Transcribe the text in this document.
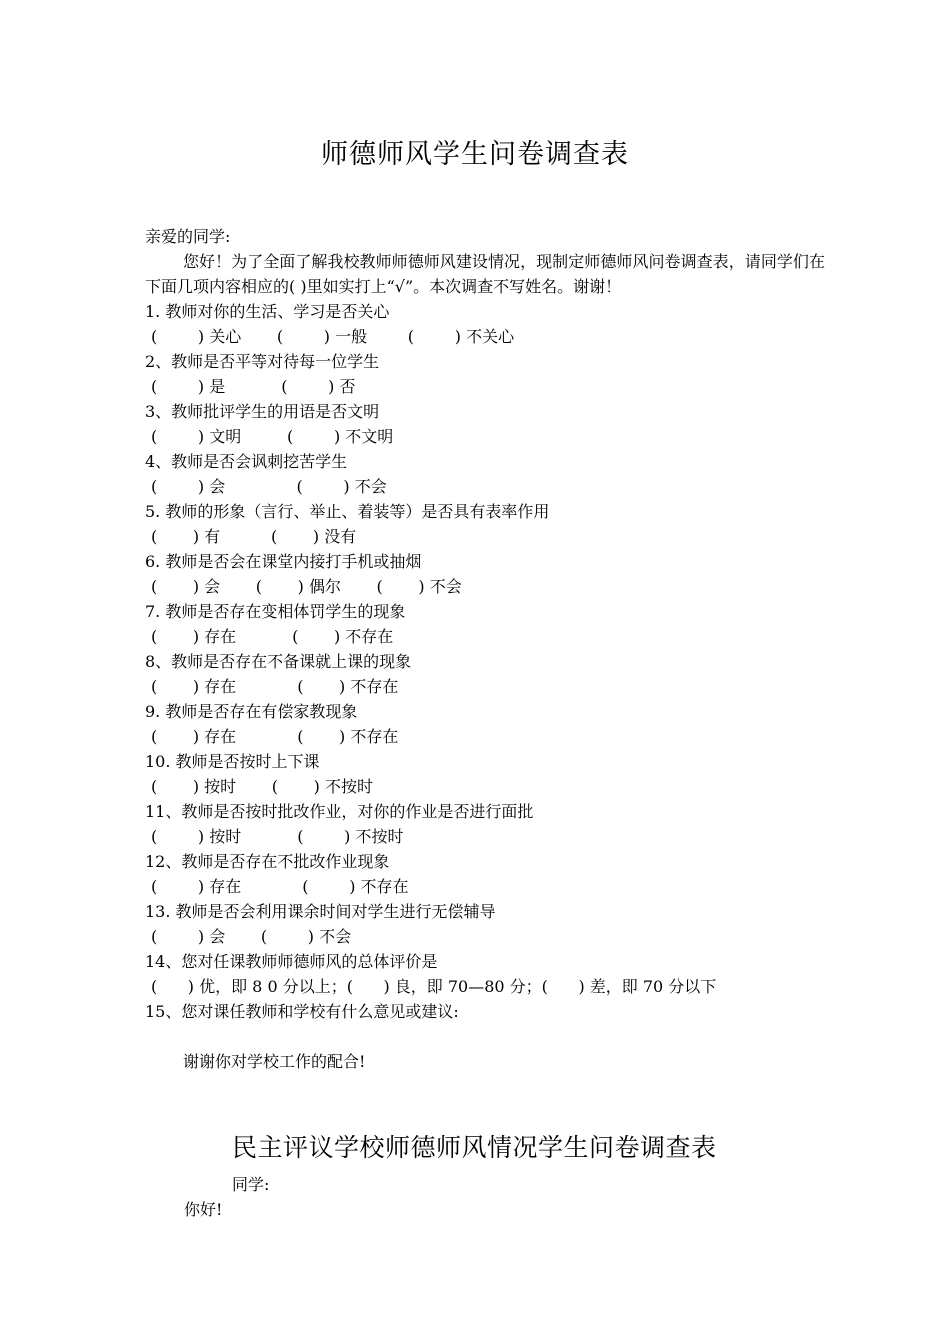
师德师风学生问卷调查表
亲爱的同学:
您好！为了全面了解我校教师师德师风建设情况，现制定师德师风问卷调查表，请同学们在下面几项内容相应的( )里如实打上“√”。本次调查不写姓名。谢谢！
1. 教师对你的生活、学习是否关心
(        ) 关心       (        ) 一般        (        ) 不关心
2、教师是否平等对待每一位学生
(        ) 是           (        ) 否
3、教师批评学生的用语是否文明
(        ) 文明         (        ) 不文明
4、教师是否会讽刺挖苦学生
(        ) 会              (        ) 不会
5. 教师的形象（言行、举止、着装等）是否具有表率作用
(       ) 有          (       ) 没有
6. 教师是否会在课堂内接打手机或抽烟
(       ) 会       (       ) 偶尔       (       ) 不会
7. 教师是否存在变相体罚学生的现象
(       ) 存在           (       ) 不存在
8、教师是否存在不备课就上课的现象
(       ) 存在            (       ) 不存在
9. 教师是否存在有偿家教现象
(       ) 存在            (       ) 不存在
10. 教师是否按时上下课
(       ) 按时       (       ) 不按时
11、教师是否按时批改作业，对你的作业是否进行面批
(        ) 按时           (        ) 不按时
12、教师是否存在不批改作业现象
(        ) 存在            (        ) 不存在
13. 教师是否会利用课余时间对学生进行无偿辅导
(        ) 会       (        ) 不会
14、您对任课教师师德师风的总体评价是
(      ) 优，即 8 0 分以上；(      ) 良，即 70—80 分；(      ) 差，即 70 分以下
15、您对课任教师和学校有什么意见或建议:
谢谢你对学校工作的配合!
民主评议学校师德师风情况学生问卷调查表
同学:
你好!
